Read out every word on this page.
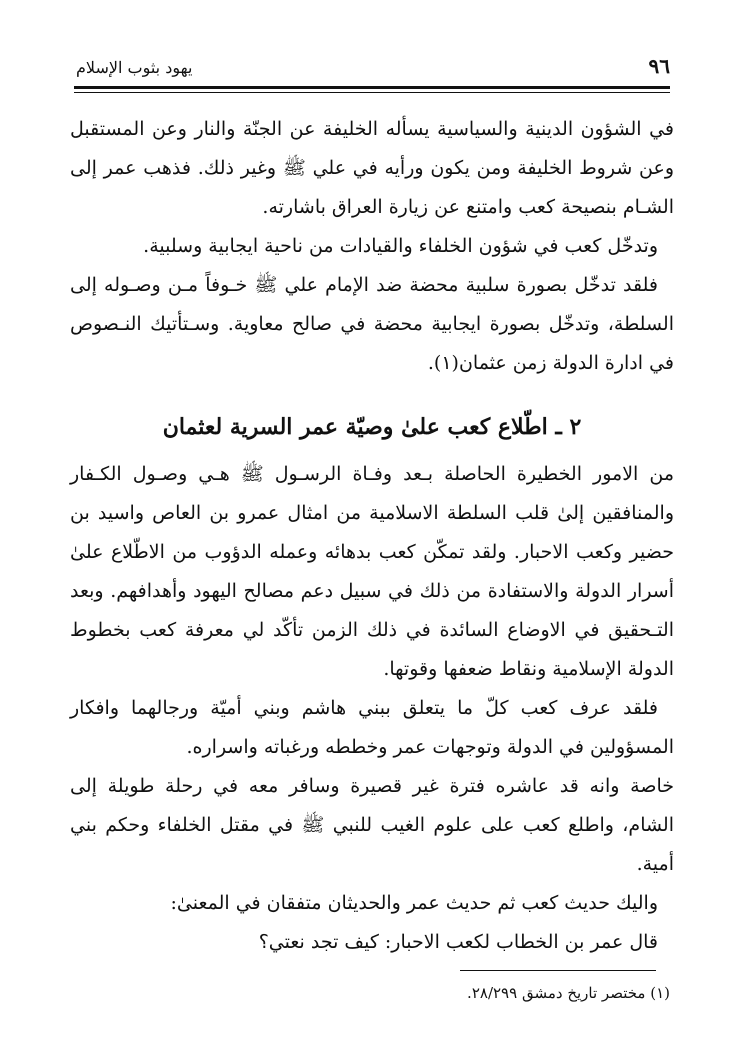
٩٦

يهود بثوب الإسلام

في الشؤون الدينية والسياسية يسأله الخليفة عن الجنّة والنار وعن المستقبل وعن شروط الخليفة ومن يكون ورأيه في علي ﷺ وغير ذلك. فذهب عمر إلى الشـام بنصيحة كعب وامتنع عن زيارة العراق باشارته.

وتدخّل كعب في شؤون الخلفاء والقيادات من ناحية ايجابية وسلبية.

فلقد تدخّل بصورة سلبية محضة ضد الإمام علي ﷺ خـوفاً مـن وصـوله إلى السلطة، وتدخّل بصورة ايجابية محضة في صالح معاوية. وسـتأتيك النـصوص في ادارة الدولة زمن عثمان(١).

٢ ـ اطّلاع كعب علىٰ وصيّة عمر السرية لعثمان

من الامور الخطيرة الحاصلة بـعد وفـاة الرسـول ﷺ هـي وصـول الكـفار والمنافقين إلىٰ قلب السلطة الاسلامية من امثال عمرو بن العاص واسيد بن حضير وكعب الاحبار. ولقد تمكّن كعب بدهائه وعمله الدؤوب من الاطّلاع علىٰ أسرار الدولة والاستفادة من ذلك في سبيل دعم مصالح اليهود وأهدافهم. وبعد التـحقيق في الاوضاع السائدة في ذلك الزمن تأكّد لي معرفة كعب بخطوط الدولة الإسلامية ونقاط ضعفها وقوتها.

فلقد عرف كعب كلّ ما يتعلق ببني هاشم وبني أميّة ورجالهما وافكار المسؤولين في الدولة وتوجهات عمر وخططه ورغباته واسراره.

خاصة وانه قد عاشره فترة غير قصيرة وسافر معه في رحلة طويلة إلى الشام، واطلع كعب على علوم الغيب للنبي ﷺ في مقتل الخلفاء وحكم بني أمية.

واليك حديث كعب ثم حديث عمر والحديثان متفقان في المعنىٰ:

قال عمر بن الخطاب لكعب الاحبار: كيف تجد نعتي؟

(١) مختصر تاريخ دمشق ٢٨/٢٩٩.
